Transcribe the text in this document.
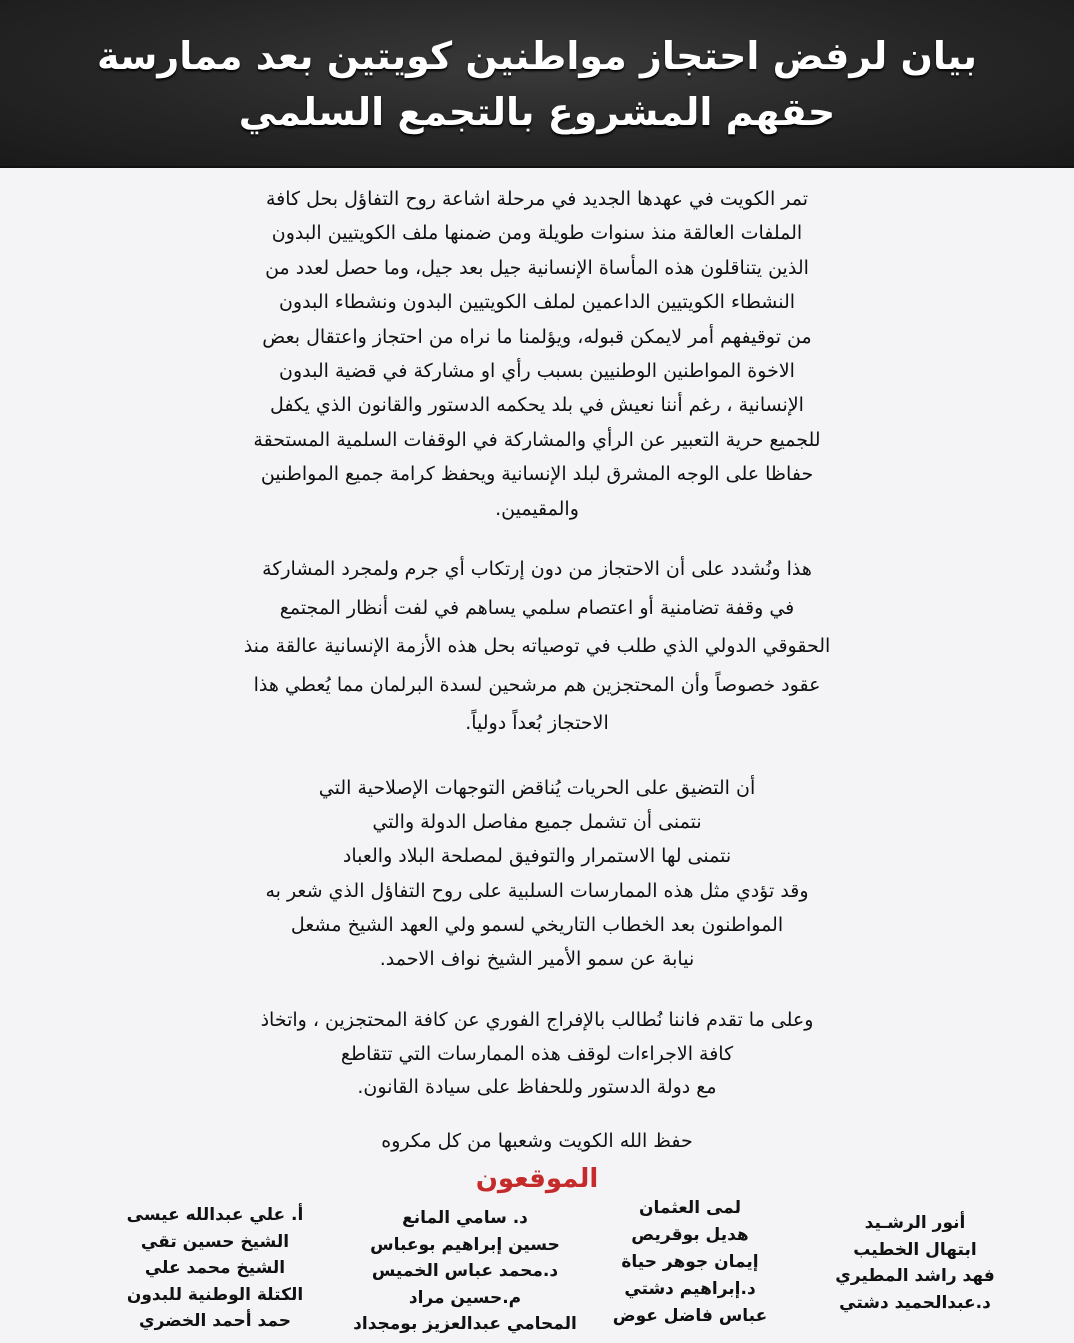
بيان لرفض احتجاز مواطنين كويتين بعد ممارسة
حقهم المشروع بالتجمع السلمي

تمر الكويت في عهدها الجديد في مرحلة اشاعة روح التفاؤل بحل كافة
الملفات العالقة منذ سنوات طويلة ومن ضمنها ملف الكويتيين البدون
الذين يتناقلون هذه المأساة الإنسانية جيل بعد جيل، وما حصل لعدد من
النشطاء الكويتيين الداعمين لملف الكويتيين البدون ونشطاء البدون
من توقيفهم أمر لايمكن قبوله، ويؤلمنا ما نراه من احتجاز واعتقال بعض
الاخوة المواطنين الوطنيين بسبب رأي او مشاركة في قضية البدون
الإنسانية ، رغم أننا نعيش في بلد يحكمه الدستور والقانون الذي يكفل
للجميع حرية التعبير عن الرأي والمشاركة في الوقفات السلمية المستحقة
حفاظا على الوجه المشرق لبلد الإنسانية ويحفظ كرامة جميع المواطنين
والمقيمين.

هذا ونُشدد على أن الاحتجاز من دون إرتكاب أي جرم ولمجرد المشاركة
في وقفة تضامنية أو اعتصام سلمي يساهم في لفت أنظار المجتمع
الحقوقي الدولي الذي طلب في توصياته بحل هذه الأزمة الإنسانية عالقة منذ
عقود خصوصاً وأن المحتجزين هم مرشحين لسدة البرلمان مما يُعطي هذا
الاحتجاز بُعداً دولياً.

أن التضيق على الحريات يُناقض التوجهات الإصلاحية التي
نتمنى أن تشمل جميع مفاصل الدولة والتي
نتمنى لها الاستمرار والتوفيق لمصلحة البلاد والعباد
وقد تؤدي مثل هذه الممارسات السلبية على روح التفاؤل الذي شعر به
المواطنون بعد الخطاب التاريخي لسمو ولي العهد الشيخ مشعل
نيابة عن سمو الأمير الشيخ نواف الاحمد.

وعلى ما تقدم فاننا نُطالب بالإفراج الفوري عن كافة المحتجزين ، واتخاذ
كافة الاجراءات لوقف هذه الممارسات التي تتقاطع
مع دولة الدستور وللحفاظ على سيادة القانون.

حفظ الله الكويت وشعبها من كل مكروه
الموقعون
أنور الرشـيد
ابتهال الخطيب
فهد راشد المطيري
د.عبدالحميد دشتي
لمى العثمان
هديل بوقريص
إيمان جوهر حياة
د.إبراهيم دشتي
عباس فاضل عوض
د. سامي المانع
حسين إبراهيم بوعباس
د.محمد عباس الخميس
م.حسين مراد
المحامي عبدالعزيز بومجداد
أ. علي عبدالله عيسى
الشيخ حسين تقي
الشيخ محمد علي
الكتلة الوطنية للبدون
حمد أحمد الخضري
